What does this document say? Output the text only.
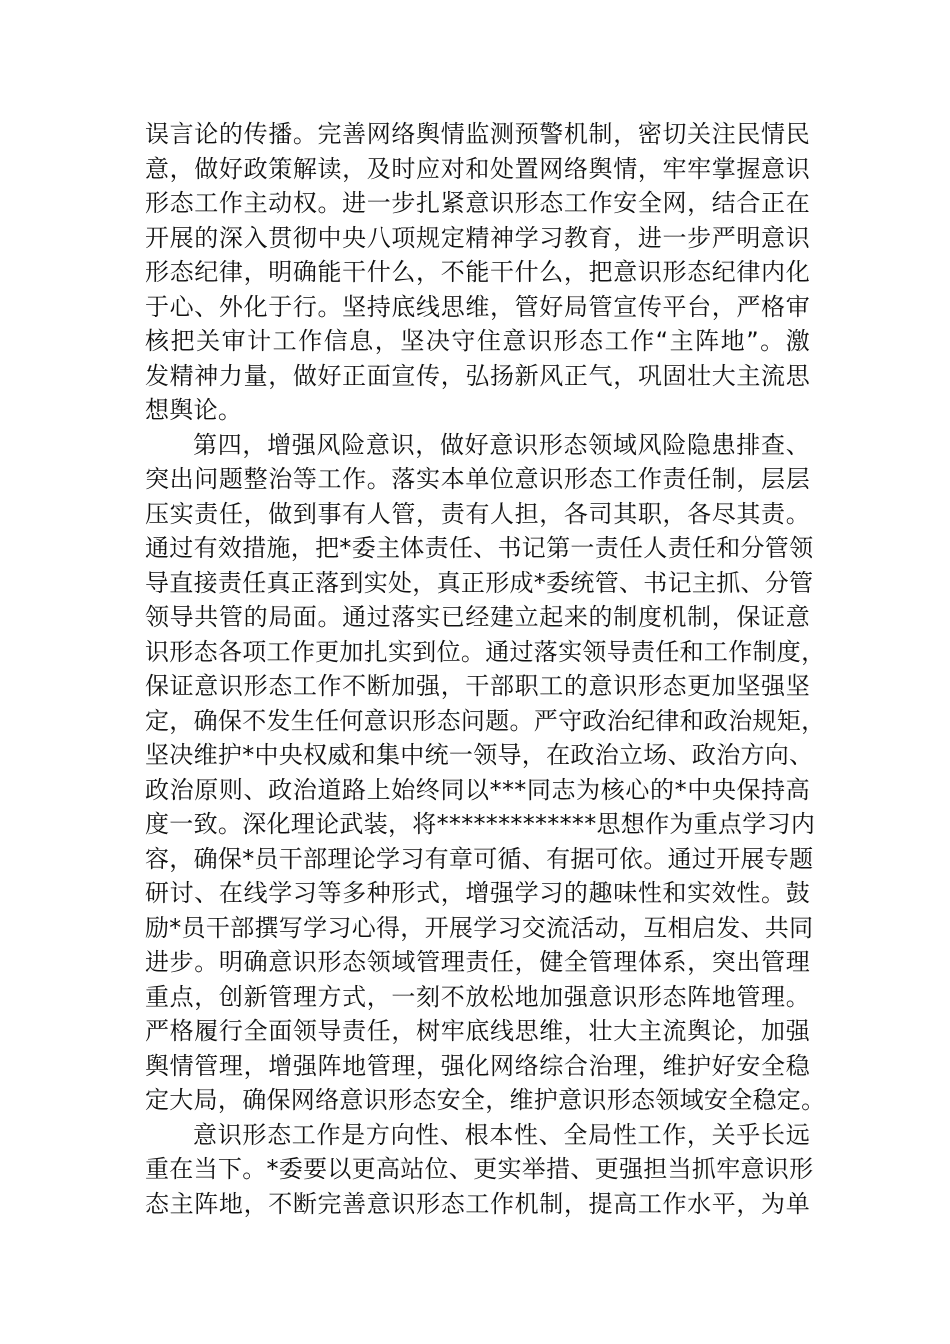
误言论的传播。完善网络舆情监测预警机制，密切关注民情民
意，做好政策解读，及时应对和处置网络舆情，牢牢掌握意识
形态工作主动权。进一步扎紧意识形态工作安全网，结合正在
开展的深入贯彻中央八项规定精神学习教育，进一步严明意识
形态纪律，明确能干什么，不能干什么，把意识形态纪律内化
于心、外化于行。坚持底线思维，管好局管宣传平台，严格审
核把关审计工作信息，坚决守住意识形态工作“主阵地”。激
发精神力量，做好正面宣传，弘扬新风正气，巩固壮大主流思
想舆论。
第四，增强风险意识，做好意识形态领域风险隐患排查、
突出问题整治等工作。落实本单位意识形态工作责任制，层层
压实责任，做到事有人管，责有人担，各司其职，各尽其责。
通过有效措施，把*委主体责任、书记第一责任人责任和分管领
导直接责任真正落到实处，真正形成*委统管、书记主抓、分管
领导共管的局面。通过落实已经建立起来的制度机制，保证意
识形态各项工作更加扎实到位。通过落实领导责任和工作制度，
保证意识形态工作不断加强，干部职工的意识形态更加坚强坚
定，确保不发生任何意识形态问题。严守政治纪律和政治规矩，
坚决维护*中央权威和集中统一领导，在政治立场、政治方向、
政治原则、政治道路上始终同以***同志为核心的*中央保持高
度一致。深化理论武装，将*************思想作为重点学习内
容，确保*员干部理论学习有章可循、有据可依。通过开展专题
研讨、在线学习等多种形式，增强学习的趣味性和实效性。鼓
励*员干部撰写学习心得，开展学习交流活动，互相启发、共同
进步。明确意识形态领域管理责任，健全管理体系，突出管理
重点，创新管理方式，一刻不放松地加强意识形态阵地管理。
严格履行全面领导责任，树牢底线思维，壮大主流舆论，加强
舆情管理，增强阵地管理，强化网络综合治理，维护好安全稳
定大局，确保网络意识形态安全，维护意识形态领域安全稳定。
意识形态工作是方向性、根本性、全局性工作，关乎长远
重在当下。*委要以更高站位、更实举措、更强担当抓牢意识形
态主阵地，不断完善意识形态工作机制，提高工作水平，为单
